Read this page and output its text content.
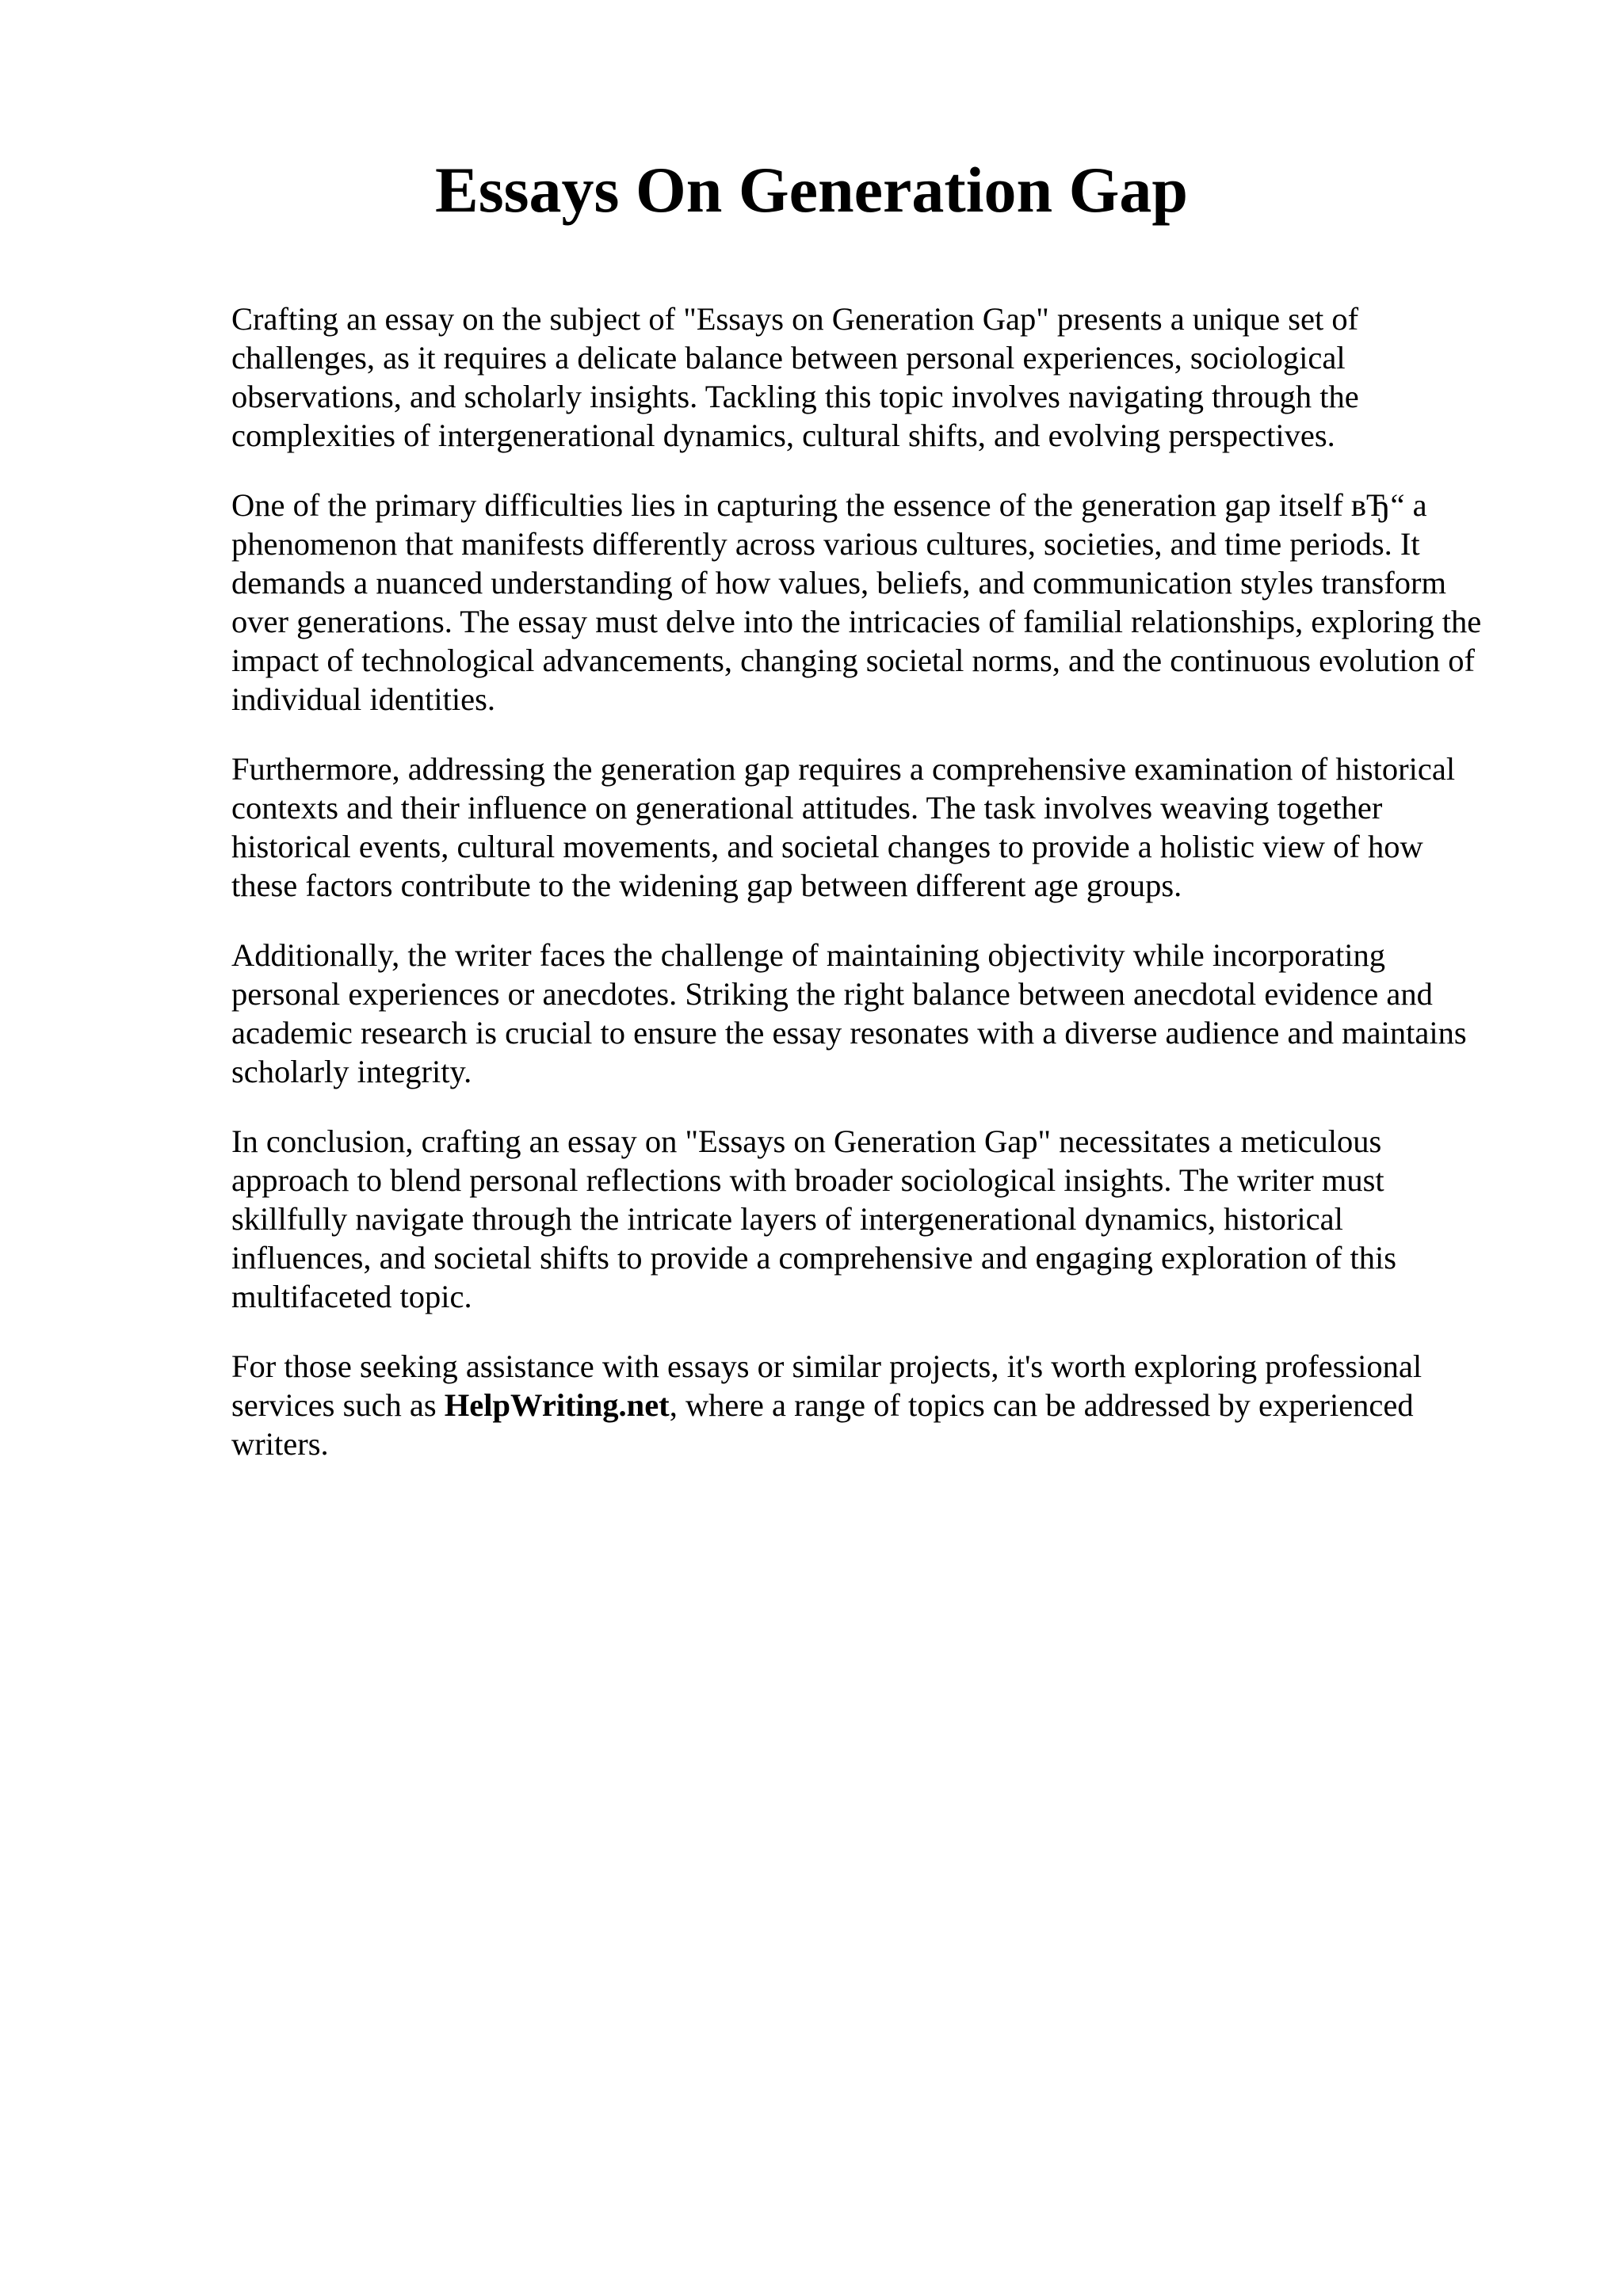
Essays On Generation Gap

Crafting an essay on the subject of "Essays on Generation Gap" presents a unique set of
challenges, as it requires a delicate balance between personal experiences, sociological
observations, and scholarly insights. Tackling this topic involves navigating through the
complexities of intergenerational dynamics, cultural shifts, and evolving perspectives.

One of the primary difficulties lies in capturing the essence of the generation gap itself вЂ“ a
phenomenon that manifests differently across various cultures, societies, and time periods. It
demands a nuanced understanding of how values, beliefs, and communication styles transform
over generations. The essay must delve into the intricacies of familial relationships, exploring the
impact of technological advancements, changing societal norms, and the continuous evolution of
individual identities.

Furthermore, addressing the generation gap requires a comprehensive examination of historical
contexts and their influence on generational attitudes. The task involves weaving together
historical events, cultural movements, and societal changes to provide a holistic view of how
these factors contribute to the widening gap between different age groups.

Additionally, the writer faces the challenge of maintaining objectivity while incorporating
personal experiences or anecdotes. Striking the right balance between anecdotal evidence and
academic research is crucial to ensure the essay resonates with a diverse audience and maintains
scholarly integrity.

In conclusion, crafting an essay on "Essays on Generation Gap" necessitates a meticulous
approach to blend personal reflections with broader sociological insights. The writer must
skillfully navigate through the intricate layers of intergenerational dynamics, historical
influences, and societal shifts to provide a comprehensive and engaging exploration of this
multifaceted topic.

For those seeking assistance with essays or similar projects, it's worth exploring professional
services such as HelpWriting.net, where a range of topics can be addressed by experienced
writers.
